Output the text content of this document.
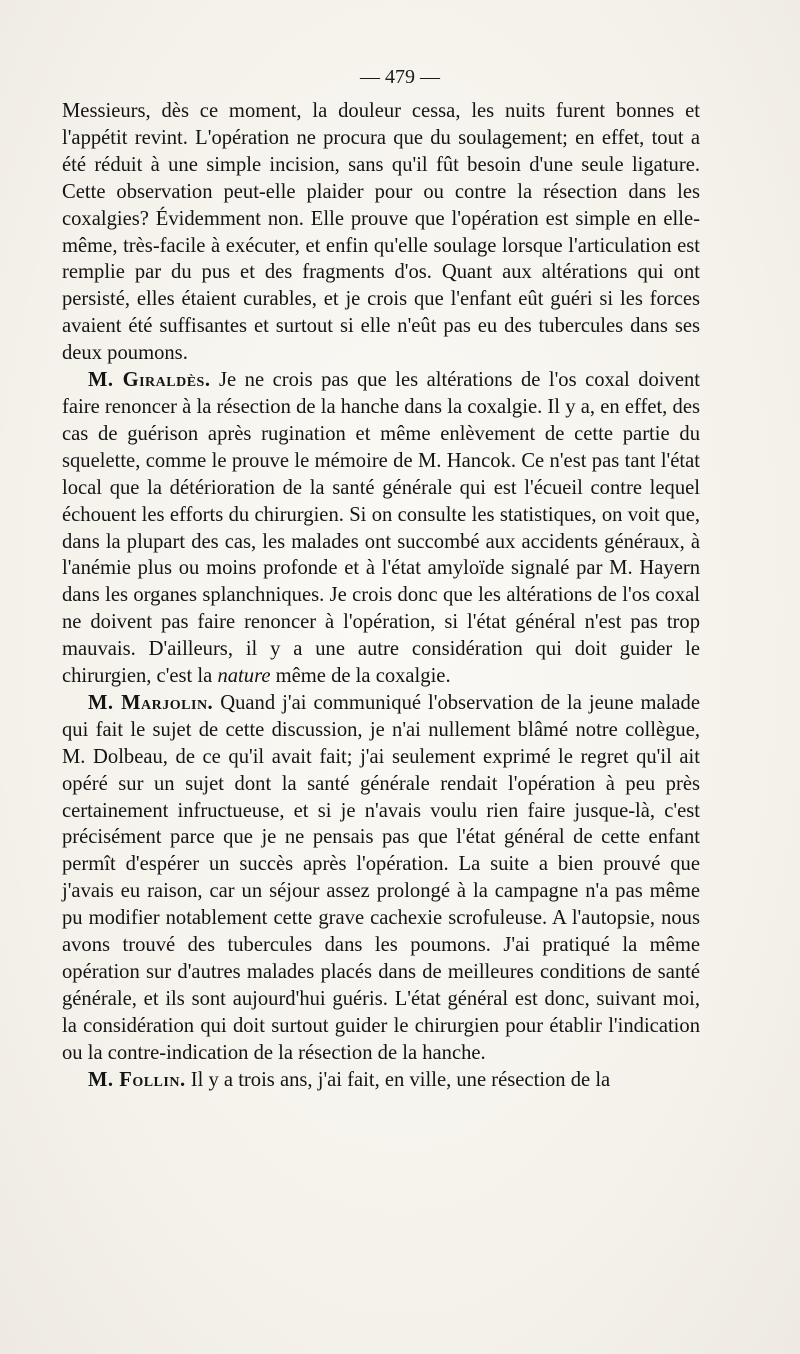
— 479 —

Messieurs, dès ce moment, la douleur cessa, les nuits furent bonnes et l'appétit revint. L'opération ne procura que du soulagement; en effet, tout a été réduit à une simple incision, sans qu'il fût besoin d'une seule ligature. Cette observation peut-elle plaider pour ou contre la résection dans les coxalgies? Évidemment non. Elle prouve que l'opération est simple en elle-même, très-facile à exécuter, et enfin qu'elle soulage lorsque l'articulation est remplie par du pus et des fragments d'os. Quant aux altérations qui ont persisté, elles étaient curables, et je crois que l'enfant eût guéri si les forces avaient été suffisantes et surtout si elle n'eût pas eu des tubercules dans ses deux poumons.

M. Giraldès. Je ne crois pas que les altérations de l'os coxal doivent faire renoncer à la résection de la hanche dans la coxalgie. Il y a, en effet, des cas de guérison après rugination et même enlèvement de cette partie du squelette, comme le prouve le mémoire de M. Hancok. Ce n'est pas tant l'état local que la détérioration de la santé générale qui est l'écueil contre lequel échouent les efforts du chirurgien. Si on consulte les statistiques, on voit que, dans la plupart des cas, les malades ont succombé aux accidents généraux, à l'anémie plus ou moins profonde et à l'état amyloïde signalé par M. Hayern dans les organes splanchniques. Je crois donc que les altérations de l'os coxal ne doivent pas faire renoncer à l'opération, si l'état général n'est pas trop mauvais. D'ailleurs, il y a une autre considération qui doit guider le chirurgien, c'est la nature même de la coxalgie.

M. Marjolin. Quand j'ai communiqué l'observation de la jeune malade qui fait le sujet de cette discussion, je n'ai nullement blâmé notre collègue, M. Dolbeau, de ce qu'il avait fait; j'ai seulement exprimé le regret qu'il ait opéré sur un sujet dont la santé générale rendait l'opération à peu près certainement infructueuse, et si je n'avais voulu rien faire jusque-là, c'est précisément parce que je ne pensais pas que l'état général de cette enfant permît d'espérer un succès après l'opération. La suite a bien prouvé que j'avais eu raison, car un séjour assez prolongé à la campagne n'a pas même pu modifier notablement cette grave cachexie scrofuleuse. A l'autopsie, nous avons trouvé des tubercules dans les poumons. J'ai pratiqué la même opération sur d'autres malades placés dans de meilleures conditions de santé générale, et ils sont aujourd'hui guéris. L'état général est donc, suivant moi, la considération qui doit surtout guider le chirurgien pour établir l'indication ou la contre-indication de la résection de la hanche.

M. Follin. Il y a trois ans, j'ai fait, en ville, une résection de la
